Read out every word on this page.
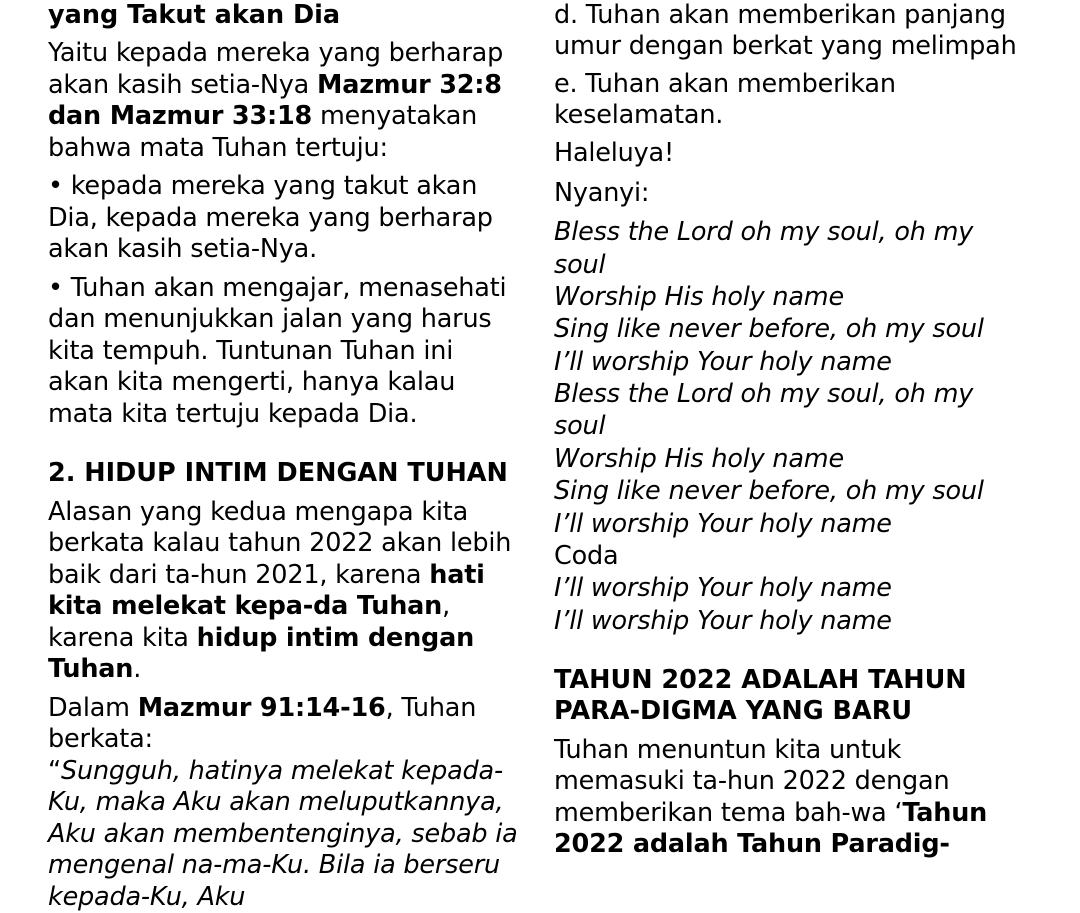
yang Takut akan Dia

Yaitu kepada mereka yang berharap akan kasih setia-Nya Mazmur 32:8 dan Mazmur 33:18 menyatakan bahwa mata Tuhan tertuju:

• kepada mereka yang takut akan Dia, kepada mereka yang berharap akan kasih setia-Nya.

• Tuhan akan mengajar, menasehati dan menunjukkan jalan yang harus kita tempuh. Tuntunan Tuhan ini akan kita mengerti, hanya kalau mata kita tertuju kepada Dia.

2. HIDUP INTIM DENGAN TUHAN

Alasan yang kedua mengapa kita berkata kalau tahun 2022 akan lebih baik dari ta-hun 2021, karena hati kita melekat kepa-da Tuhan, karena kita hidup intim dengan Tuhan.

Dalam Mazmur 91:14-16, Tuhan berkata:

“Sungguh, hatinya melekat kepada-Ku, maka Aku akan meluputkannya, Aku akan membentenginya, sebab ia mengenal na-ma-Ku. Bila ia berseru kepada-Ku, Aku

d. Tuhan akan memberikan panjang umur dengan berkat yang melimpah

e. Tuhan akan memberikan keselamatan.

Haleluya!

Nyanyi:

Bless the Lord oh my soul, oh my soul

Worship His holy name

Sing like never before, oh my soul

I’ll worship Your holy name

Bless the Lord oh my soul, oh my soul

Worship His holy name

Sing like never before, oh my soul

I’ll worship Your holy name

Coda

I’ll worship Your holy name

I’ll worship Your holy name

TAHUN 2022 ADALAH TAHUN PARA-DIGMA YANG BARU

Tuhan menuntun kita untuk memasuki ta-hun 2022 dengan memberikan tema bah-wa ‘Tahun 2022 adalah Tahun Paradig-
